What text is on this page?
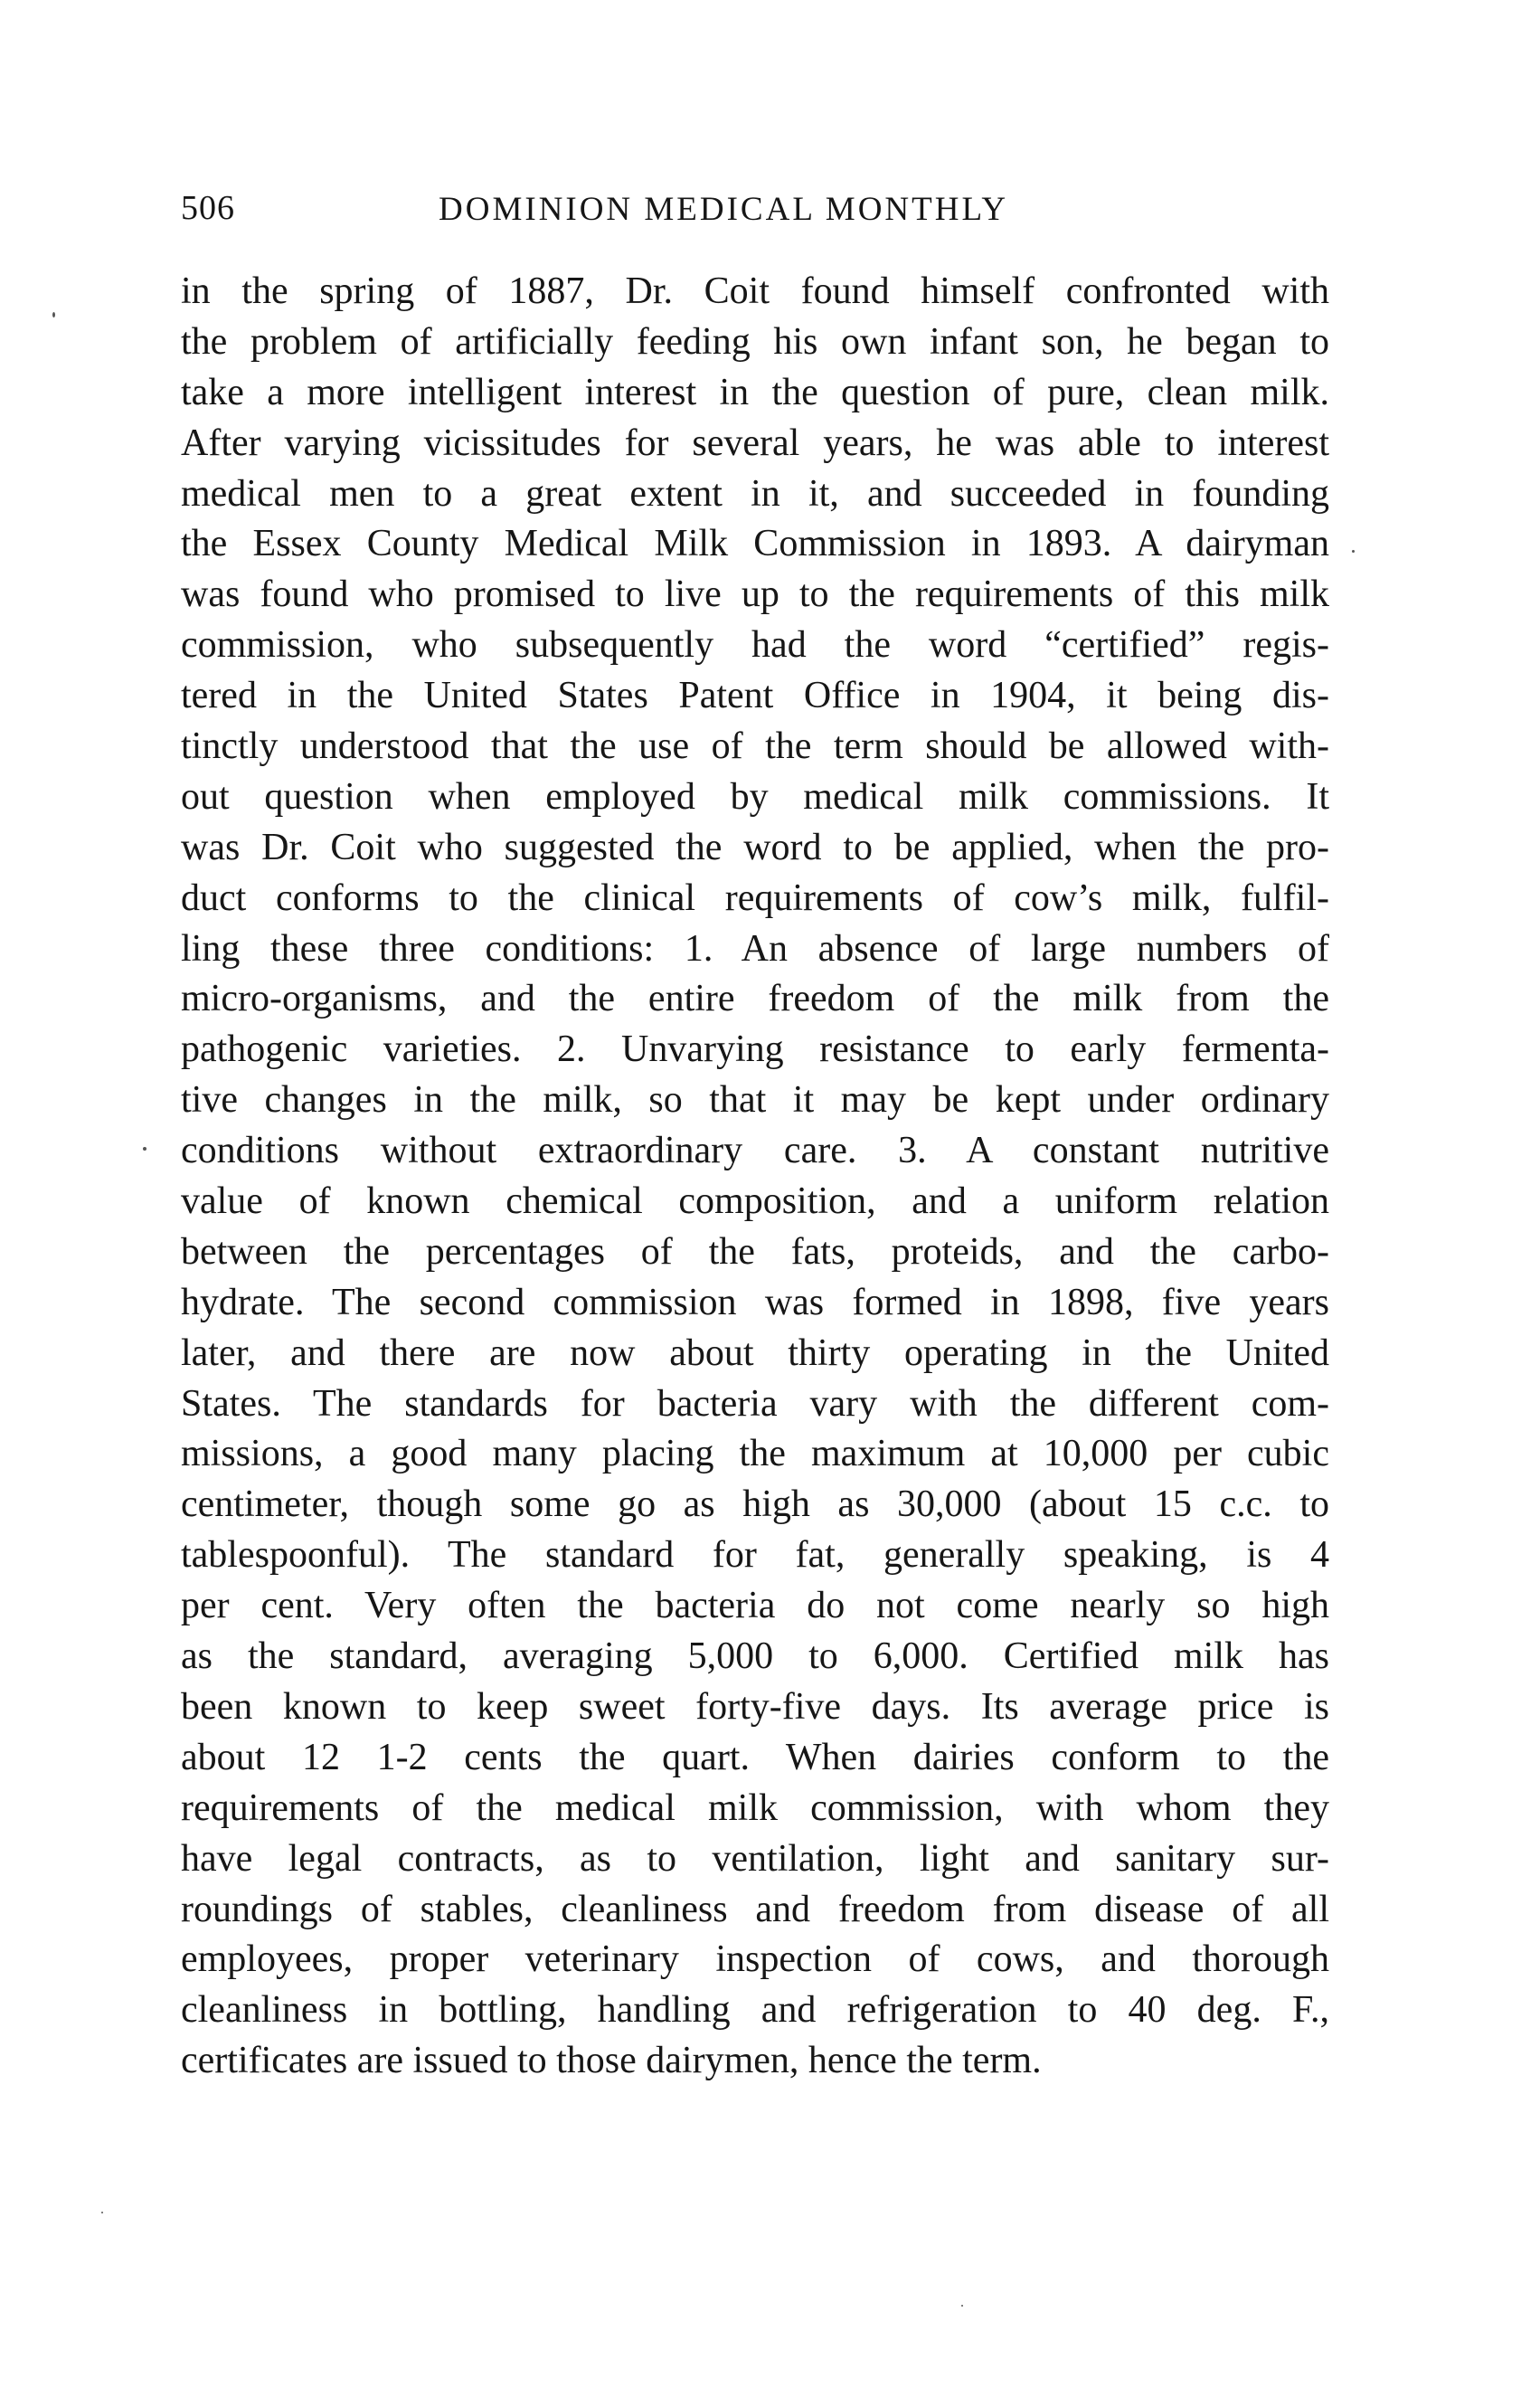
506	DOMINION MEDICAL MONTHLY
in the spring of 1887, Dr. Coit found himself confronted with
the problem of artificially feeding his own infant son, he began to
take a more intelligent interest in the question of pure, clean milk.
After varying vicissitudes for several years, he was able to interest
medical men to a great extent in it, and succeeded in founding
the Essex County Medical Milk Commission in 1893. A dairyman
was found who promised to live up to the requirements of this milk
commission, who subsequently had the word “certified” regis-
tered in the United States Patent Office in 1904, it being dis-
tinctly understood that the use of the term should be allowed with-
out question when employed by medical milk commissions. It
was Dr. Coit who suggested the word to be applied, when the pro-
duct conforms to the clinical requirements of cow’s milk, fulfil-
ling these three conditions: 1. An absence of large numbers of
micro-organisms, and the entire freedom of the milk from the
pathogenic varieties. 2. Unvarying resistance to early fermenta-
tive changes in the milk, so that it may be kept under ordinary
conditions without extraordinary care. 3. A constant nutritive
value of known chemical composition, and a uniform relation
between the percentages of the fats, proteids, and the carbo-
hydrate. The second commission was formed in 1898, five years
later, and there are now about thirty operating in the United
States. The standards for bacteria vary with the different com-
missions, a good many placing the maximum at 10,000 per cubic
centimeter, though some go as high as 30,000 (about 15 c.c. to
tablespoonful). The standard for fat, generally speaking, is 4
per cent. Very often the bacteria do not come nearly so high
as the standard, averaging 5,000 to 6,000. Certified milk has
been known to keep sweet forty-five days. Its average price is
about 12 1-2 cents the quart. When dairies conform to the
requirements of the medical milk commission, with whom they
have legal contracts, as to ventilation, light and sanitary sur-
roundings of stables, cleanliness and freedom from disease of all
employees, proper veterinary inspection of cows, and thorough
cleanliness in bottling, handling and refrigeration to 40 deg. F.,
certificates are issued to those dairymen, hence the term.
